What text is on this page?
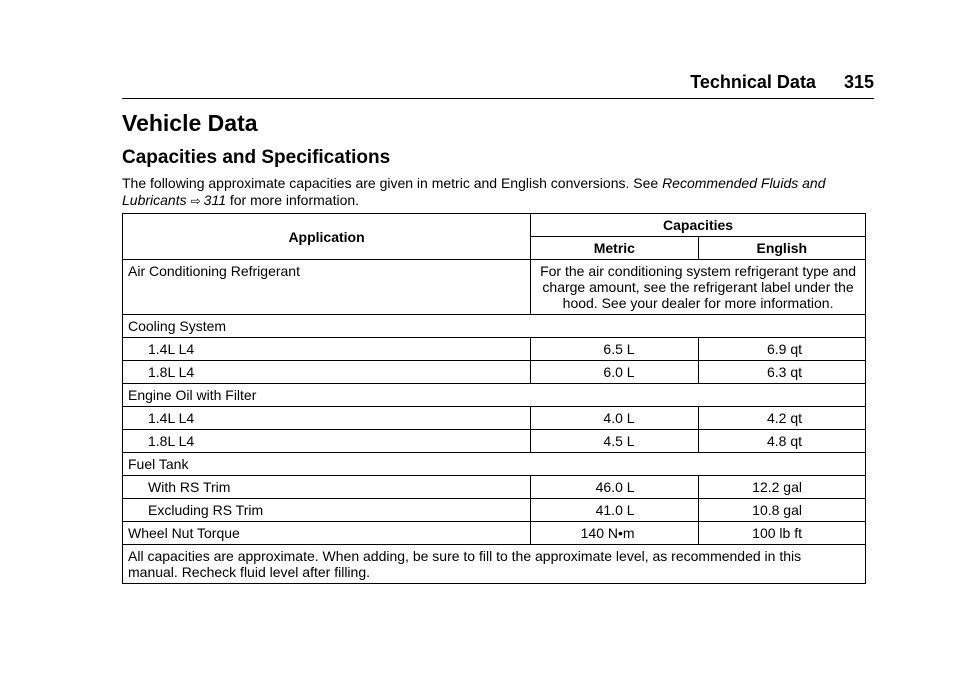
Technical Data 315
Vehicle Data
Capacities and Specifications

The following approximate capacities are given in metric and English conversions. See Recommended Fluids and Lubricants ⇨ 311 for more information.

Application	Capacities	
	Metric	English
Air Conditioning Refrigerant	For the air conditioning system refrigerant type and charge amount, see the refrigerant label under the hood. See your dealer for more information.	
Cooling System		
1.4L L4	6.5 L	6.9 qt
1.8L L4	6.0 L	6.3 qt
Engine Oil with Filter		
1.4L L4	4.0 L	4.2 qt
1.8L L4	4.5 L	4.8 qt
Fuel Tank		
With RS Trim	46.0 L	12.2 gal
Excluding RS Trim	41.0 L	10.8 gal
Wheel Nut Torque	140 N•m	100 lb ft
All capacities are approximate. When adding, be sure to fill to the approximate level, as recommended in this manual. Recheck fluid level after filling.		
